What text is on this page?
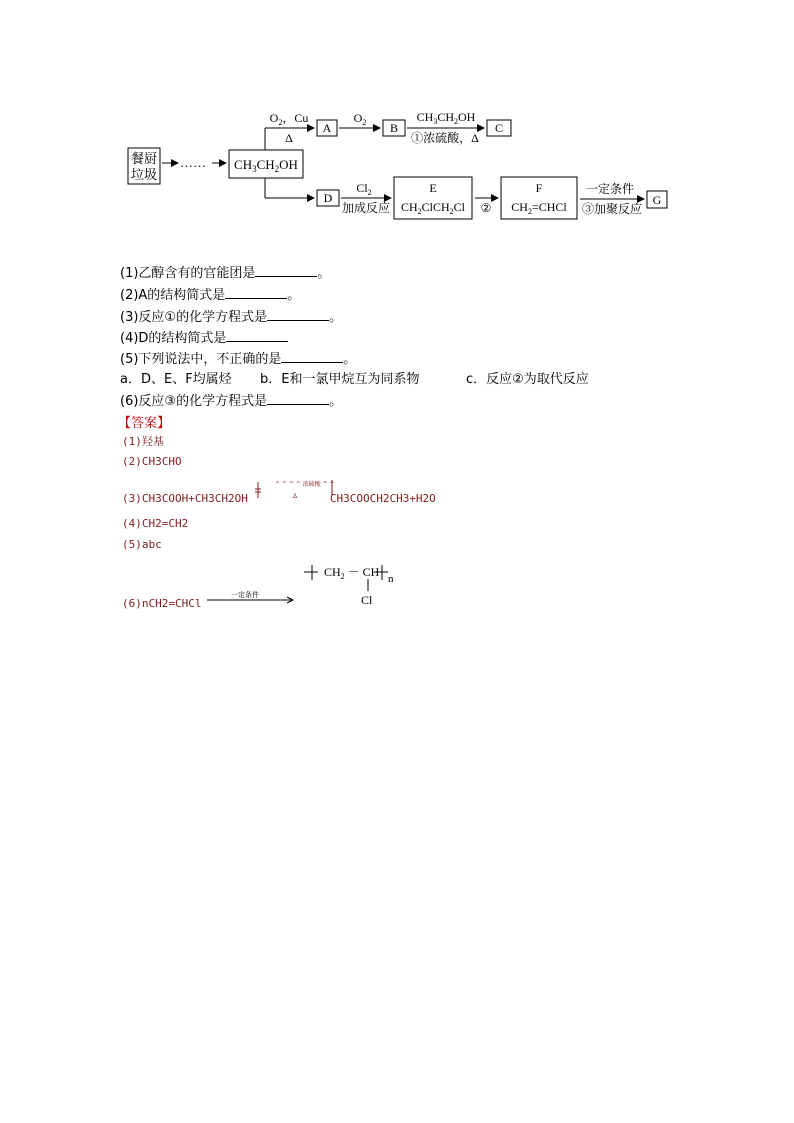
餐厨
垃圾
…… $CH_3CH_2OH$
$O_2$，Cu
Δ
A
$O_2$ B
$CH_3CH_2OH$
①浓硫酸，Δ
C
D
$Cl_2$
加成反应
E
$CH_2ClCH_2Cl$ ②
F
$CH_2=CHCl$
一定条件
③加聚反应
G
(1)乙醇含有的官能团是	。
(2)A的结构简式是	。
(3)反应①的化学方程式是	。
(4)D的结构简式是
(5)下列说法中，不正确的是	。
a．D、E、F均属烃 b．E和一氯甲烷互为同系物	c．反应②为取代反应
(6)反应③的化学方程式是	。
【答案】
(1)羟基
(2)CH3CHO
(3)CH3COOH+CH3CH2OH	CH3COOCH2CH3+H2O
^ ^ ^ ^ 浓硫酸 ^ ^
Δ
(4)CH2=CH2
(5)abc
(6)nCH2=CHCl
一定条件
$CH_2$ － CH n
Cl
